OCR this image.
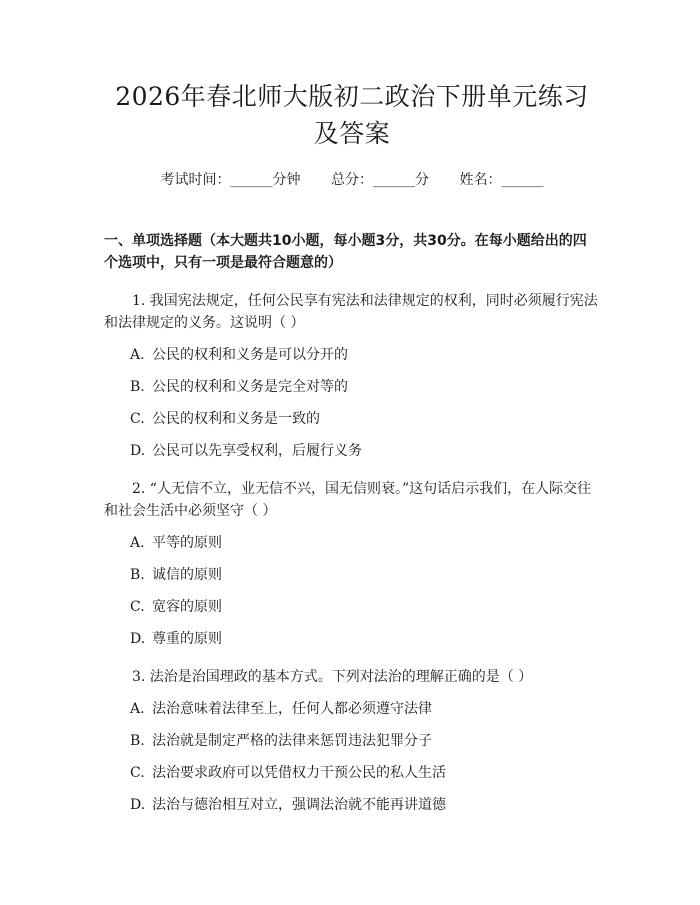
2026年春北师大版初二政治下册单元练习及答案
考试时间：______分钟 总分：______分 姓名：______
一、单项选择题（本大题共10小题，每小题3分，共30分。在每小题给出的四个选项中，只有一项是最符合题意的）
1. 我国宪法规定，任何公民享有宪法和法律规定的权利，同时必须履行宪法和法律规定的义务。这说明（ ）
A. 公民的权利和义务是可以分开的
B. 公民的权利和义务是完全对等的
C. 公民的权利和义务是一致的
D. 公民可以先享受权利，后履行义务
2. “人无信不立，业无信不兴，国无信则衰。”这句话启示我们，在人际交往和社会生活中必须坚守（ ）
A. 平等的原则
B. 诚信的原则
C. 宽容的原则
D. 尊重的原则
3. 法治是治国理政的基本方式。下列对法治的理解正确的是（ ）
A. 法治意味着法律至上，任何人都必须遵守法律
B. 法治就是制定严格的法律来惩罚违法犯罪分子
C. 法治要求政府可以凭借权力干预公民的私人生活
D. 法治与德治相互对立，强调法治就不能再讲道德
